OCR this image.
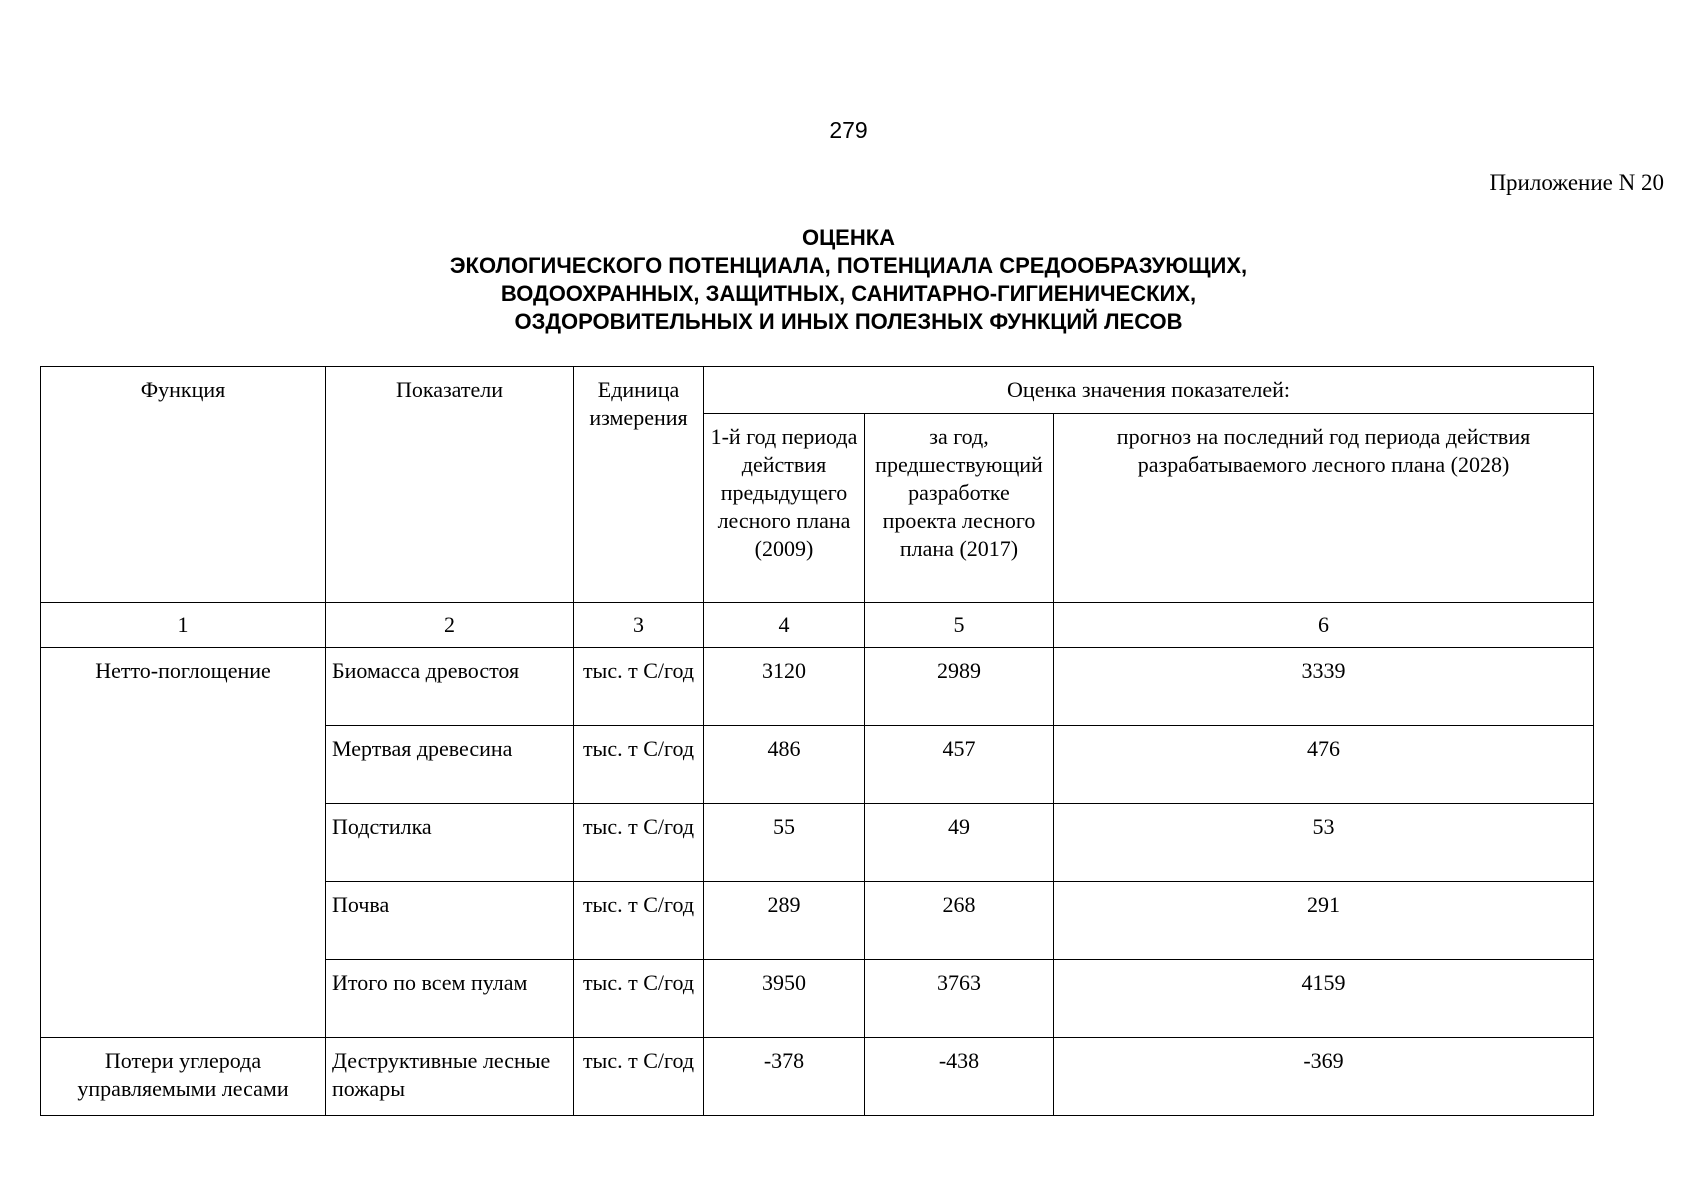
279
Приложение N 20
ОЦЕНКА
ЭКОЛОГИЧЕСКОГО ПОТЕНЦИАЛА, ПОТЕНЦИАЛА СРЕДООБРАЗУЮЩИХ,
ВОДООХРАННЫХ, ЗАЩИТНЫХ, САНИТАРНО-ГИГИЕНИЧЕСКИХ,
ОЗДОРОВИТЕЛЬНЫХ И ИНЫХ ПОЛЕЗНЫХ ФУНКЦИЙ ЛЕСОВ
Функция	Показатели	Единица измерения	Оценка значения показателей:		
			1-й год периода действия предыдущего лесного плана (2009)	за год, предшествующий разработке проекта лесного плана (2017)	прогноз на последний год периода действия разрабатываемого лесного плана (2028)
1	2	3	4	5	6
Нетто-поглощение	Биомасса древостоя	тыс. т С/год	3120	2989	3339
	Мертвая древесина	тыс. т С/год	486	457	476
	Подстилка	тыс. т С/год	55	49	53
	Почва	тыс. т С/год	289	268	291
	Итого по всем пулам	тыс. т С/год	3950	3763	4159
Потери углерода управляемыми лесами	Деструктивные лесные пожары	тыс. т С/год	-378	-438	-369
